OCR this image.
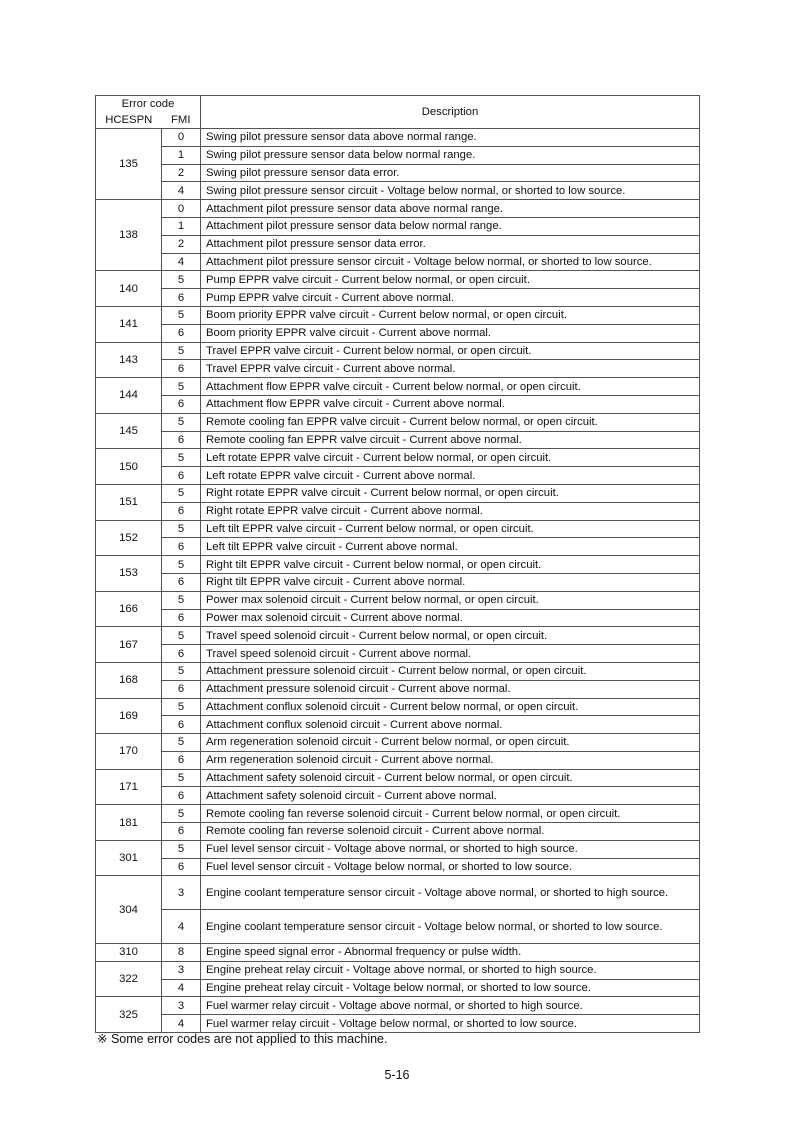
Error code		Description
HCESPN	FMI	
135	0	Swing pilot pressure sensor data above normal range.
	1	Swing pilot pressure sensor data below normal range.
	2	Swing pilot pressure sensor data error.
	4	Swing pilot pressure sensor circuit - Voltage below normal, or shorted to low source.
138	0	Attachment pilot pressure sensor data above normal range.
	1	Attachment pilot pressure sensor data below normal range.
	2	Attachment pilot pressure sensor data error.
	4	Attachment pilot pressure sensor circuit - Voltage below normal, or shorted to low source.
140	5	Pump EPPR valve circuit - Current below normal, or open circuit.
	6	Pump EPPR valve circuit - Current above normal.
141	5	Boom priority EPPR valve circuit - Current below normal, or open circuit.
	6	Boom priority EPPR valve circuit - Current above normal.
143	5	Travel EPPR valve circuit - Current below normal, or open circuit.
	6	Travel EPPR valve circuit - Current above normal.
144	5	Attachment flow EPPR valve circuit - Current below normal, or open circuit.
	6	Attachment flow EPPR valve circuit - Current above normal.
145	5	Remote cooling fan EPPR valve circuit - Current below normal, or open circuit.
	6	Remote cooling fan EPPR valve circuit - Current above normal.
150	5	Left rotate EPPR valve circuit - Current below normal, or open circuit.
	6	Left rotate EPPR valve circuit - Current above normal.
151	5	Right rotate EPPR valve circuit - Current below normal, or open circuit.
	6	Right rotate EPPR valve circuit - Current above normal.
152	5	Left tilt EPPR valve circuit - Current below normal, or open circuit.
	6	Left tilt EPPR valve circuit - Current above normal.
153	5	Right tilt EPPR valve circuit - Current below normal, or open circuit.
	6	Right tilt EPPR valve circuit - Current above normal.
166	5	Power max solenoid circuit - Current below normal, or open circuit.
	6	Power max solenoid circuit - Current above normal.
167	5	Travel speed solenoid circuit - Current below normal, or open circuit.
	6	Travel speed solenoid circuit - Current above normal.
168	5	Attachment pressure solenoid circuit - Current below normal, or open circuit.
	6	Attachment pressure solenoid circuit - Current above normal.
169	5	Attachment conflux solenoid circuit - Current below normal, or open circuit.
	6	Attachment conflux solenoid circuit - Current above normal.
170	5	Arm regeneration solenoid circuit - Current below normal, or open circuit.
	6	Arm regeneration solenoid circuit - Current above normal.
171	5	Attachment safety solenoid circuit - Current below normal, or open circuit.
	6	Attachment safety solenoid circuit - Current above normal.
181	5	Remote cooling fan reverse solenoid circuit - Current below normal, or open circuit.
	6	Remote cooling fan reverse solenoid circuit - Current above normal.
301	5	Fuel level sensor circuit - Voltage above normal, or shorted to high source.
	6	Fuel level sensor circuit - Voltage below normal, or shorted to low source.
304	3	Engine coolant temperature sensor circuit - Voltage above normal, or shorted to high source.
	4	Engine coolant temperature sensor circuit - Voltage below normal, or shorted to low source.
310	8	Engine speed signal error - Abnormal frequency or pulse width.
322	3	Engine preheat relay circuit - Voltage above normal, or shorted to high source.
	4	Engine preheat relay circuit - Voltage below normal, or shorted to low source.
325	3	Fuel warmer relay circuit - Voltage above normal, or shorted to high source.
	4	Fuel warmer relay circuit - Voltage below normal, or shorted to low source.
※ Some error codes are not applied to this machine.
5-16
